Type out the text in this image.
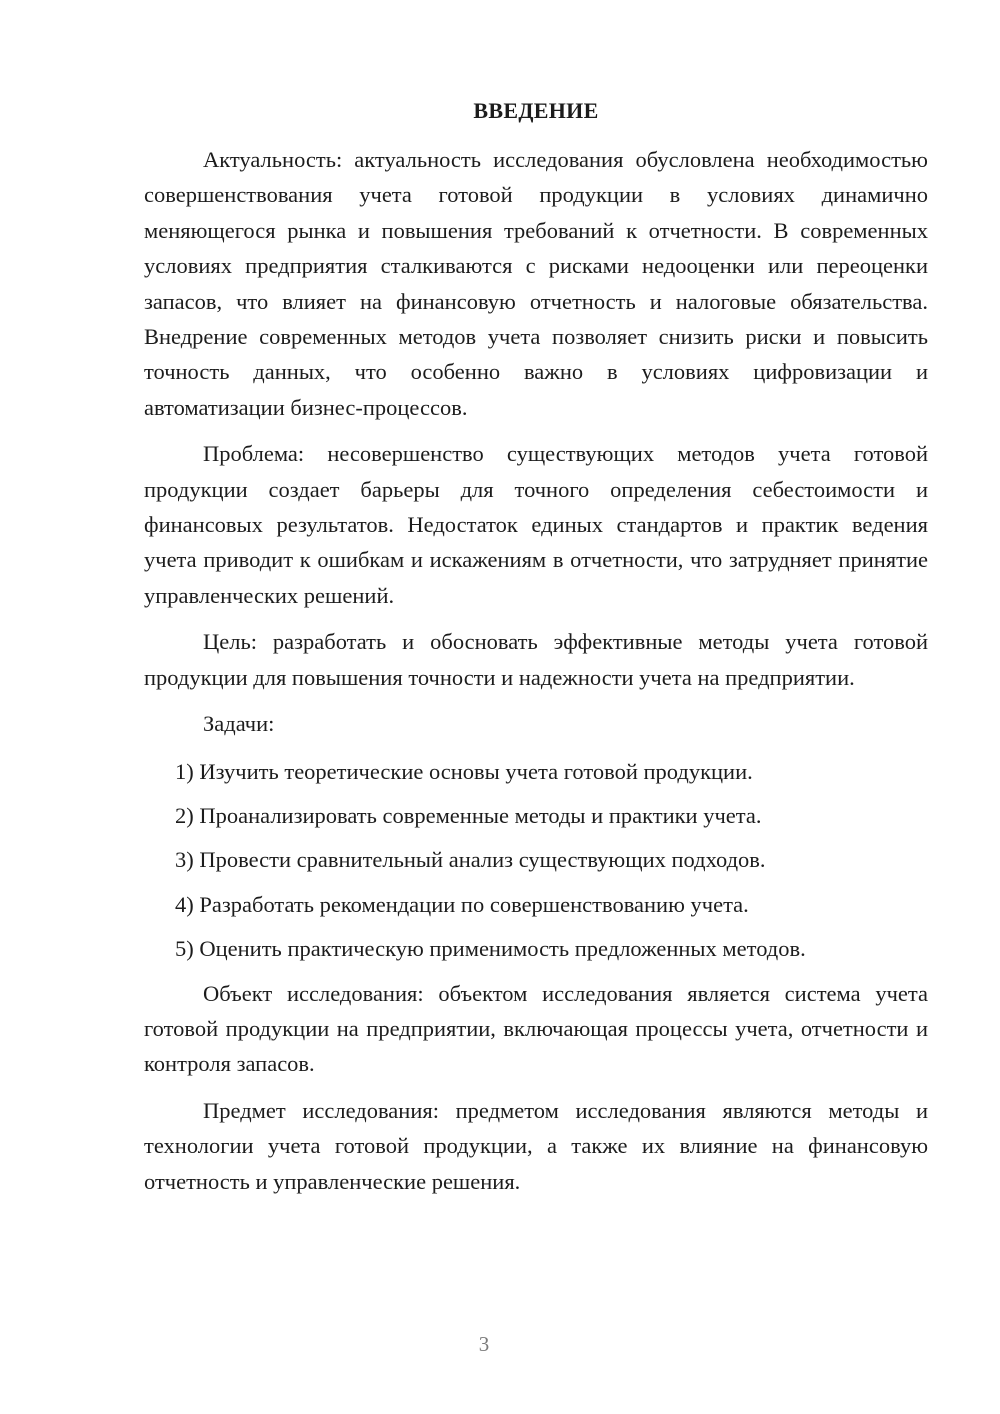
ВВЕДЕНИЕ

Актуальность: актуальность исследования обусловлена необходимостью совершенствования учета готовой продукции в условиях динамично меняющегося рынка и повышения требований к отчетности. В современных условиях предприятия сталкиваются с рисками недооценки или переоценки запасов, что влияет на финансовую отчетность и налоговые обязательства. Внедрение современных методов учета позволяет снизить риски и повысить точность данных, что особенно важно в условиях цифровизации и автоматизации бизнес-процессов.

Проблема: несовершенство существующих методов учета готовой продукции создает барьеры для точного определения себестоимости и финансовых результатов. Недостаток единых стандартов и практик ведения учета приводит к ошибкам и искажениям в отчетности, что затрудняет принятие управленческих решений.

Цель: разработать и обосновать эффективные методы учета готовой продукции для повышения точности и надежности учета на предприятии.

Задачи:

1) Изучить теоретические основы учета готовой продукции.
2) Проанализировать современные методы и практики учета.
3) Провести сравнительный анализ существующих подходов.
4) Разработать рекомендации по совершенствованию учета.
5) Оценить практическую применимость предложенных методов.

Объект исследования: объектом исследования является система учета готовой продукции на предприятии, включающая процессы учета, отчетности и контроля запасов.

Предмет исследования: предметом исследования являются методы и технологии учета готовой продукции, а также их влияние на финансовую отчетность и управленческие решения.

3
